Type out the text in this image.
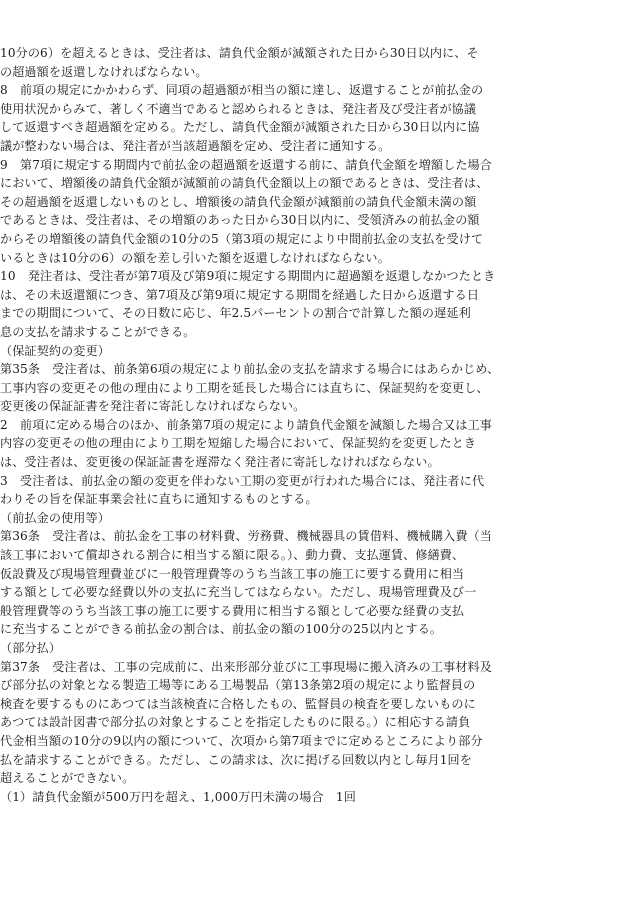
10分の6）を超えるときは、受注者は、請負代金額が減額された日から30日以内に、そ
の超過額を返還しなければならない。
8　前項の規定にかかわらず、同項の超過額が相当の額に達し、返還することが前払金の
使用状況からみて、著しく不適当であると認められるときは、発注者及び受注者が協議
して返還すべき超過額を定める。ただし、請負代金額が減額された日から30日以内に協
議が整わない場合は、発注者が当該超過額を定め、受注者に通知する。
9　第7項に規定する期間内で前払金の超過額を返還する前に、請負代金額を増額した場合
において、増額後の請負代金額が減額前の請負代金額以上の額であるときは、受注者は、
その超過額を返還しないものとし、増額後の請負代金額が減額前の請負代金額未満の額
であるときは、受注者は、その増額のあった日から30日以内に、受領済みの前払金の額
からその増額後の請負代金額の10分の5（第3項の規定により中間前払金の支払を受けて
いるときは10分の6）の額を差し引いた額を返還しなければならない。
10　発注者は、受注者が第7項及び第9項に規定する期間内に超過額を返還しなかつたとき
は、その未返還額につき、第7項及び第9項に規定する期間を経過した日から返還する日
までの期間について、その日数に応じ、年2.5パーセントの割合で計算した額の遅延利
息の支払を請求することができる。
（保証契約の変更）
第35条　受注者は、前条第6項の規定により前払金の支払を請求する場合にはあらかじめ、
工事内容の変更その他の理由により工期を延長した場合には直ちに、保証契約を変更し、
変更後の保証証書を発注者に寄託しなければならない。
2　前項に定める場合のほか、前条第7項の規定により請負代金額を減額した場合又は工事
内容の変更その他の理由により工期を短縮した場合において、保証契約を変更したとき
は、受注者は、変更後の保証証書を遅滞なく発注者に寄託しなければならない。
3　受注者は、前払金の額の変更を伴わない工期の変更が行われた場合には、発注者に代
わりその旨を保証事業会社に直ちに通知するものとする。
（前払金の使用等）
第36条　受注者は、前払金を工事の材料費、労務費、機械器具の賃借料、機械購入費（当
該工事において償却される割合に相当する額に限る。）、動力費、支払運賃、修繕費、
仮設費及び現場管理費並びに一般管理費等のうち当該工事の施工に要する費用に相当
する額として必要な経費以外の支払に充当してはならない。ただし、現場管理費及び一
般管理費等のうち当該工事の施工に要する費用に相当する額として必要な経費の支払
に充当することができる前払金の割合は、前払金の額の100分の25以内とする。
（部分払）
第37条　受注者は、工事の完成前に、出来形部分並びに工事現場に搬入済みの工事材料及
び部分払の対象となる製造工場等にある工場製品（第13条第2項の規定により監督員の
検査を要するものにあつては当該検査に合格したもの、監督員の検査を要しないものに
あつては設計図書で部分払の対象とすることを指定したものに限る。）に相応する請負
代金相当額の10分の9以内の額について、次項から第7項までに定めるところにより部分
払を請求することができる。ただし、この請求は、次に掲げる回数以内とし毎月1回を
超えることができない。
（1）請負代金額が500万円を超え、1,000万円未満の場合　1回
